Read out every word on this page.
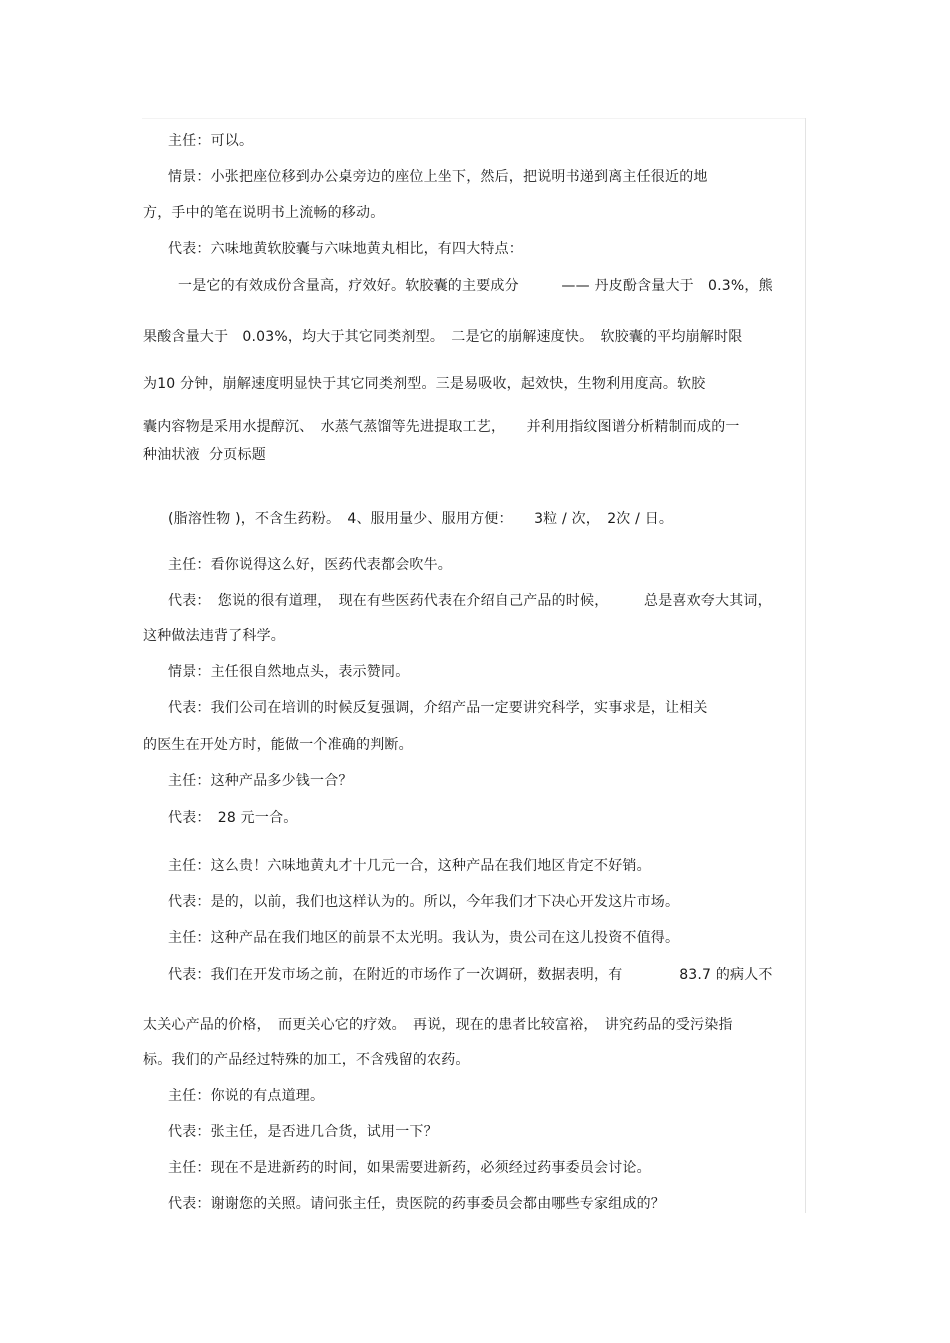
主任：可以。
情景：小张把座位移到办公桌旁边的座位上坐下，然后，把说明书递到离主任很近的地
方，手中的笔在说明书上流畅的移动。
代表：六味地黄软胶囊与六味地黄丸相比，有四大特点：
一是它的有效成份含量高，疗效好。软胶囊的主要成分　　　—— 丹皮酚含量大于　0.3%，熊
果酸含量大于　0.03%，均大于其它同类剂型。　二是它的崩解速度快。　软胶囊的平均崩解时限
为10 分钟，崩解速度明显快于其它同类剂型。三是易吸收，起效快，生物利用度高。软胶
囊内容物是采用水提醇沉、　水蒸气蒸馏等先进提取工艺，　　并利用指纹图谱分析精制而成的一
种油状液  分页标题
(脂溶性物 )，不含生药粉。　4、服用量少、服用方便：　　3粒 / 次，　2次 / 日。
主任：看你说得这么好，医药代表都会吹牛。
代表：　您说的很有道理，　现在有些医药代表在介绍自己产品的时候，　　　总是喜欢夸大其词，
这种做法违背了科学。
情景：主任很自然地点头，表示赞同。
代表：我们公司在培训的时候反复强调，介绍产品一定要讲究科学，实事求是，让相关
的医生在开处方时，能做一个准确的判断。
主任：这种产品多少钱一合？
代表：　28 元一合。
主任：这么贵！六味地黄丸才十几元一合，这种产品在我们地区肯定不好销。
代表：是的，以前，我们也这样认为的。所以，今年我们才下决心开发这片市场。
主任：这种产品在我们地区的前景不太光明。我认为，贵公司在这儿投资不值得。
代表：我们在开发市场之前，在附近的市场作了一次调研，数据表明，有　　　　83.7 的病人不
太关心产品的价格，　而更关心它的疗效。　再说，现在的患者比较富裕，　讲究药品的受污染指
标。我们的产品经过特殊的加工，不含残留的农药。
主任：你说的有点道理。
代表：张主任，是否进几合货，试用一下？
主任：现在不是进新药的时间，如果需要进新药，必须经过药事委员会讨论。
代表：谢谢您的关照。请问张主任，贵医院的药事委员会都由哪些专家组成的？
